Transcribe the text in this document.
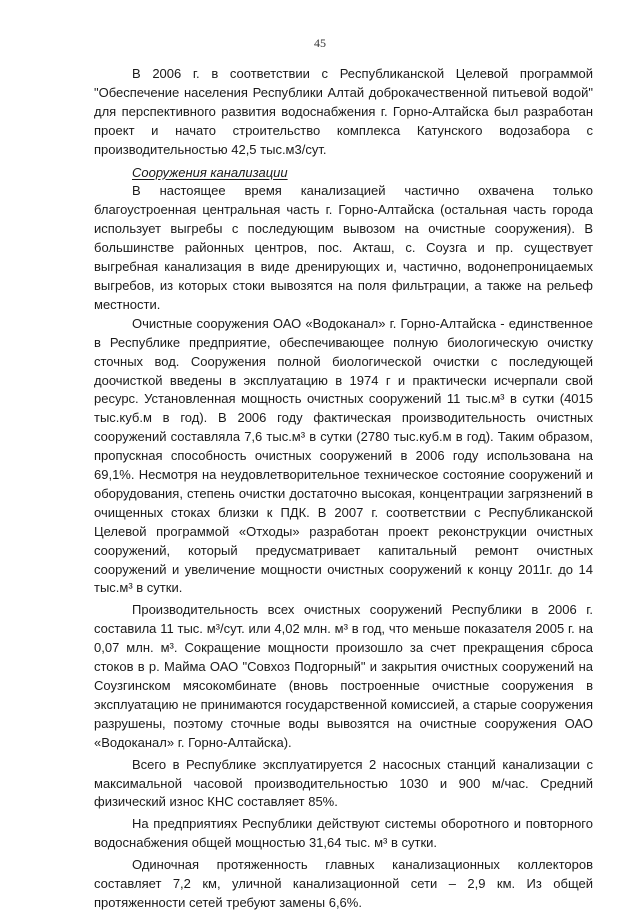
45

В 2006 г. в соответствии с Республиканской Целевой программой "Обеспечение населения Республики Алтай доброкачественной питьевой водой" для перспективного развития водоснабжения г. Горно-Алтайска был разработан проект и начато строительство комплекса Катунского водозабора с производительностью 42,5 тыс.м3/сут.

Сооружения канализации

В настоящее время канализацией частично охвачена только благоустроенная центральная часть г. Горно-Алтайска (остальная часть города использует выгребы с последующим вывозом на очистные сооружения). В большинстве районных центров, пос. Акташ, с. Соузга и пр. существует выгребная канализация в виде дренирующих и, частично, водонепроницаемых выгребов, из которых стоки вывозятся на поля фильтрации, а также на рельеф местности.

Очистные сооружения ОАО «Водоканал» г. Горно-Алтайска - единственное в Республике предприятие, обеспечивающее полную биологическую очистку сточных вод. Сооружения полной биологической очистки с последующей доочисткой введены в эксплуатацию в 1974 г и практически исчерпали свой ресурс. Установленная мощность очистных сооружений 11 тыс.м³ в сутки (4015 тыс.куб.м в год). В 2006 году фактическая производительность очистных сооружений составляла 7,6 тыс.м³ в сутки (2780 тыс.куб.м в год). Таким образом, пропускная способность очистных сооружений в 2006 году использована на 69,1%. Несмотря на неудовлетворительное техническое состояние сооружений и оборудования, степень очистки достаточно высокая, концентрации загрязнений в очищенных стоках близки к ПДК. В 2007 г. соответствии с Республиканской Целевой программой «Отходы» разработан проект реконструкции очистных сооружений, который предусматривает капитальный ремонт очистных сооружений и увеличение мощности очистных сооружений к концу 2011г. до 14 тыс.м³ в сутки.

Производительность всех очистных сооружений Республики в 2006 г. составила 11 тыс. м³/сут. или 4,02 млн. м³ в год, что меньше показателя 2005 г. на 0,07 млн. м³. Сокращение мощности произошло за счет прекращения сброса стоков в р. Майма ОАО "Совхоз Подгорный" и закрытия очистных сооружений на Соузгинском мясокомбинате (вновь построенные очистные сооружения в эксплуатацию не принимаются государственной комиссией, а старые сооружения разрушены, поэтому сточные воды вывозятся на очистные сооружения ОАО «Водоканал» г. Горно-Алтайска).

Всего в Республике эксплуатируется 2 насосных станций канализации с максимальной часовой производительностью 1030 и 900 м/час. Средний физический износ КНС составляет 85%.

На предприятиях Республики действуют системы оборотного и повторного водоснабжения общей мощностью 31,64 тыс. м³ в сутки.

Одиночная протяженность главных канализационных коллекторов составляет 7,2 км, уличной канализационной сети – 2,9 км. Из общей протяженности сетей требуют замены 6,6%.
